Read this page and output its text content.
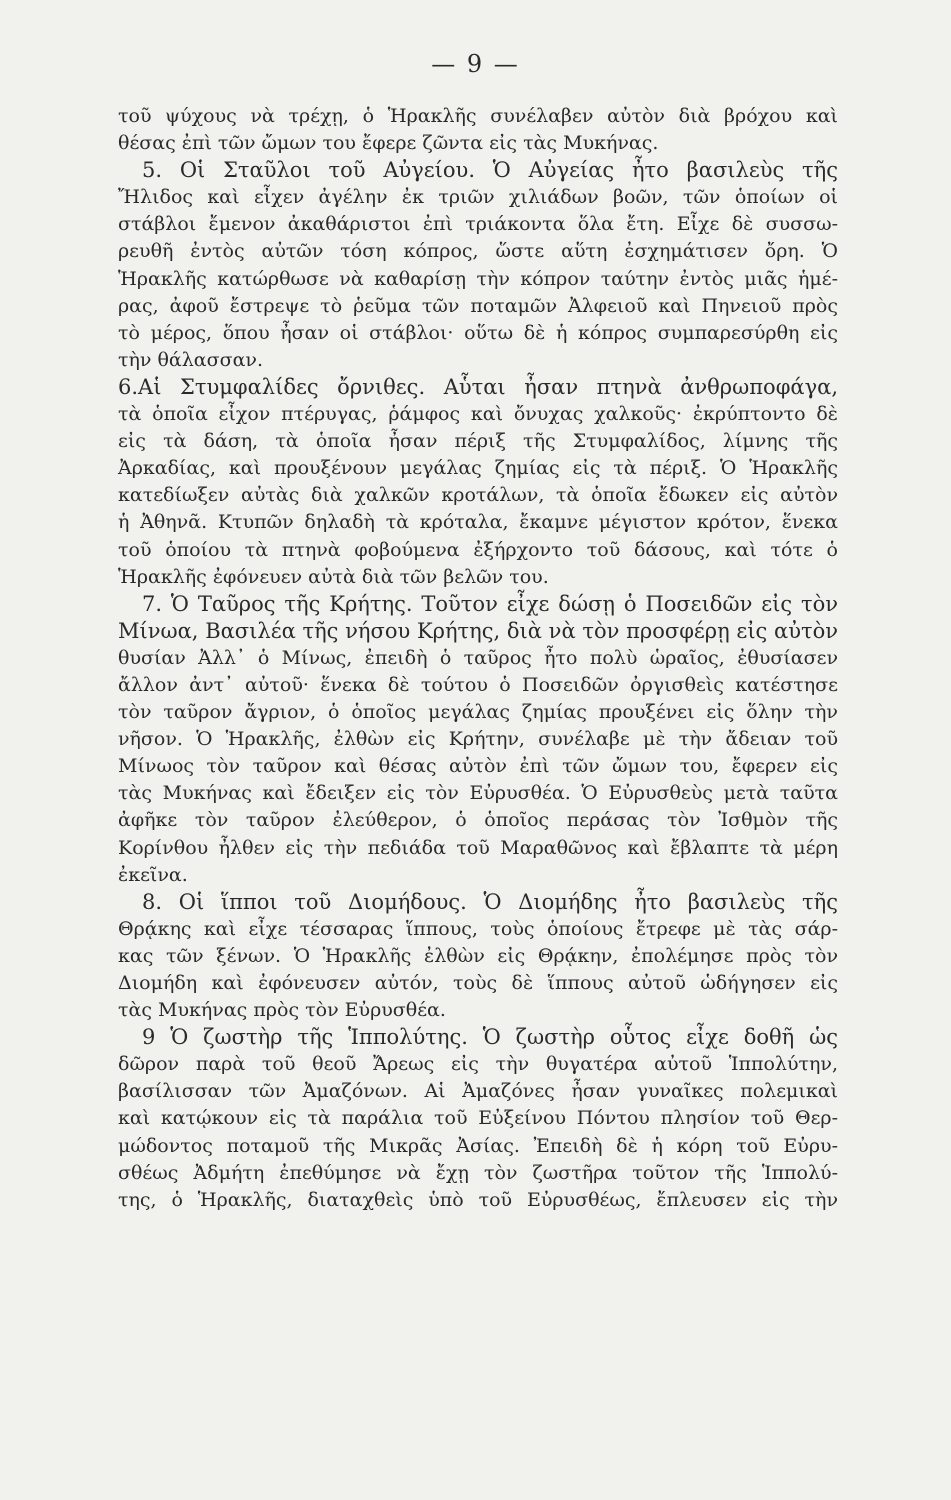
— 9 —
τοῦ ψύχους νὰ τρέχῃ, ὁ Ἡρακλῆς συνέλαβεν αὐτὸν διὰ βρόχου καὶ
θέσας ἐπὶ τῶν ὤμων του ἔφερε ζῶντα εἰς τὰς Μυκήνας.
5. Οἱ Σταῦλοι τοῦ Αὐγείου. Ὁ Αὐγείας ἦτο βασιλεὺς τῆς
Ἤλιδος καὶ εἶχεν ἀγέλην ἐκ τριῶν χιλιάδων βοῶν, τῶν ὁποίων οἱ
στάβλοι ἔμενον ἀκαθάριστοι ἐπὶ τριάκοντα ὅλα ἔτη. Εἶχε δὲ συσσω-
ρευθῆ ἐντὸς αὐτῶν τόση κόπρος, ὥστε αὕτη ἐσχημάτισεν ὄρη. Ὁ
Ἡρακλῆς κατώρθωσε νὰ καθαρίσῃ τὴν κόπρον ταύτην ἐντὸς μιᾶς ἡμέ-
ρας, ἀφοῦ ἔστρεψε τὸ ῥεῦμα τῶν ποταμῶν Ἀλφειοῦ καὶ Πηνειοῦ πρὸς
τὸ μέρος, ὅπου ἦσαν οἱ στάβλοι· οὕτω δὲ ἡ κόπρος συμπαρεσύρθη εἰς
τὴν θάλασσαν.
6.Αἱ Στυμφαλίδες ὄρνιθες. Αὗται ἦσαν πτηνὰ ἀνθρωποφάγα,
τὰ ὁποῖα εἶχον πτέρυγας, ῥάμφος καὶ ὄνυχας χαλκοῦς· ἐκρύπτοντο δὲ
εἰς τὰ δάση, τὰ ὁποῖα ἦσαν πέριξ τῆς Στυμφαλίδος, λίμνης τῆς
Ἀρκαδίας, καὶ προυξένουν μεγάλας ζημίας εἰς τὰ πέριξ. Ὁ Ἡρακλῆς
κατεδίωξεν αὐτὰς διὰ χαλκῶν κροτάλων, τὰ ὁποῖα ἔδωκεν εἰς αὐτὸν
ἡ Ἀθηνᾶ. Κτυπῶν δηλαδὴ τὰ κρόταλα, ἔκαμνε μέγιστον κρότον, ἕνεκα
τοῦ ὁποίου τὰ πτηνὰ φοβούμενα ἐξήρχοντο τοῦ δάσους, καὶ τότε ὁ
Ἡρακλῆς ἐφόνευεν αὐτὰ διὰ τῶν βελῶν του.
7. Ὁ Ταῦρος τῆς Κρήτης. Τοῦτον εἶχε δώσῃ ὁ Ποσειδῶν εἰς τὸν
Μίνωα, Βασιλέα τῆς νήσου Κρήτης, διὰ νὰ τὸν προσφέρῃ εἰς αὐτὸν
θυσίαν Ἀλλ᾽ ὁ Μίνως, ἐπειδὴ ὁ ταῦρος ἦτο πολὺ ὡραῖος, ἐθυσίασεν
ἄλλον ἀντ᾽ αὐτοῦ· ἕνεκα δὲ τούτου ὁ Ποσειδῶν ὀργισθεὶς κατέστησε
τὸν ταῦρον ἄγριον, ὁ ὁποῖος μεγάλας ζημίας προυξένει εἰς ὅλην τὴν
νῆσον. Ὁ Ἡρακλῆς, ἐλθὼν εἰς Κρήτην, συνέλαβε μὲ τὴν ἄδειαν τοῦ
Μίνωος τὸν ταῦρον καὶ θέσας αὐτὸν ἐπὶ τῶν ὤμων του, ἔφερεν εἰς
τὰς Μυκήνας καὶ ἔδειξεν εἰς τὸν Εὐρυσθέα. Ὁ Εὐρυσθεὺς μετὰ ταῦτα
ἀφῆκε τὸν ταῦρον ἐλεύθερον, ὁ ὁποῖος περάσας τὸν Ἰσθμὸν τῆς
Κορίνθου ἦλθεν εἰς τὴν πεδιάδα τοῦ Μαραθῶνος καὶ ἔβλαπτε τὰ μέρη
ἐκεῖνα.
8. Οἱ ἵπποι τοῦ Διομήδους. Ὁ Διομήδης ἦτο βασιλεὺς τῆς
Θρᾴκης καὶ εἶχε τέσσαρας ἵππους, τοὺς ὁποίους ἔτρεφε μὲ τὰς σάρ-
κας τῶν ξένων. Ὁ Ἡρακλῆς ἐλθὼν εἰς Θρᾴκην, ἐπολέμησε πρὸς τὸν
Διομήδη καὶ ἐφόνευσεν αὐτόν, τοὺς δὲ ἵππους αὐτοῦ ὡδήγησεν εἰς
τὰς Μυκήνας πρὸς τὸν Εὐρυσθέα.
9 Ὁ ζωστὴρ τῆς Ἱππολύτης. Ὁ ζωστὴρ οὗτος εἶχε δοθῆ ὡς
δῶρον παρὰ τοῦ θεοῦ Ἄρεως εἰς τὴν θυγατέρα αὐτοῦ Ἱππολύτην,
βασίλισσαν τῶν Ἀμαζόνων. Αἱ Ἀμαζόνες ἦσαν γυναῖκες πολεμικαὶ
καὶ κατῴκουν εἰς τὰ παράλια τοῦ Εὐξείνου Πόντου πλησίον τοῦ Θερ-
μώδοντος ποταμοῦ τῆς Μικρᾶς Ἀσίας. Ἐπειδὴ δὲ ἡ κόρη τοῦ Εὐρυ-
σθέως Ἀδμήτη ἐπεθύμησε νὰ ἔχῃ τὸν ζωστῆρα τοῦτον τῆς Ἱππολύ-
της, ὁ Ἡρακλῆς, διαταχθεὶς ὑπὸ τοῦ Εὐρυσθέως, ἔπλευσεν εἰς τὴν
